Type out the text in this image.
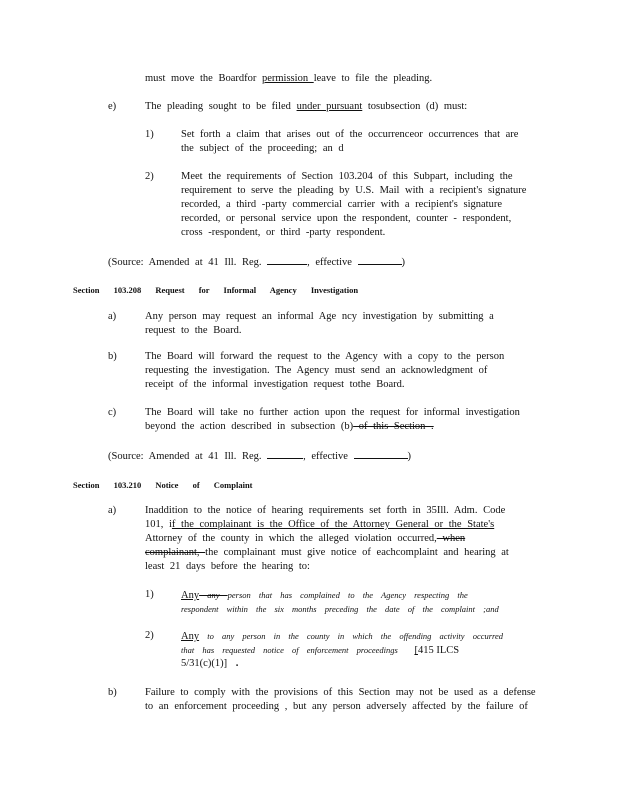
must move the Boardfor permission leave to file the pleading.
e)	The pleading sought to be filed under pursuant tosubsection (d) must:
1)	Set forth a claim that arises out of the occurrenceor occurrences that are
the subject of the proceeding; an d
2)	Meet the requirements of Section 103.204 of this Subpart, including the
requirement to serve the pleading by U.S. Mail with a recipient's signature
recorded, a third -party commercial carrier with a recipient's signature
recorded, or personal service upon the respondent, counter - respondent,
cross -respondent, or third -party respondent.
(Source: Amended at 41 Ill. Reg.	, effective	)
Section 103.208 Request for Informal Agency Investigation
a)	Any person may request an informal Age ncy investigation by submitting a
request to the Board.
b)	The Board will forward the request to the Agency with a copy to the person
requesting the investigation. The Agency must send an acknowledgment of
receipt of the informal investigation request tothe Board.
c)	The Board will take no further action upon the request for informal investigation
beyond the action described in subsection (b) of this Section .
(Source: Amended at 41 Ill. Reg.	, effective	)
Section 103.210 Notice of Complaint
a)	Inaddition to the notice of hearing requirements set forth in 35Ill. Adm. Code
101, if the complainant is the Office of the Attorney General or the State's
Attorney of the county in which the alleged violation occurred, when
complainant, the complainant must give notice of eachcomplaint and hearing at
least 21 days before the hearing to:
1)	Any any person that has complained to the Agency respecting the
respondent within the six months preceding the date of the complaint ;and
2)	Any to any person in the county in which the offending activity occurred
that has requested notice of enforcement proceedings [415 ILCS
5/31(c)(1)] .
b)	Failure to comply with the provisions of this Section may not be used as a defense
to an enforcement proceeding , but any person adversely affected by the failure of
